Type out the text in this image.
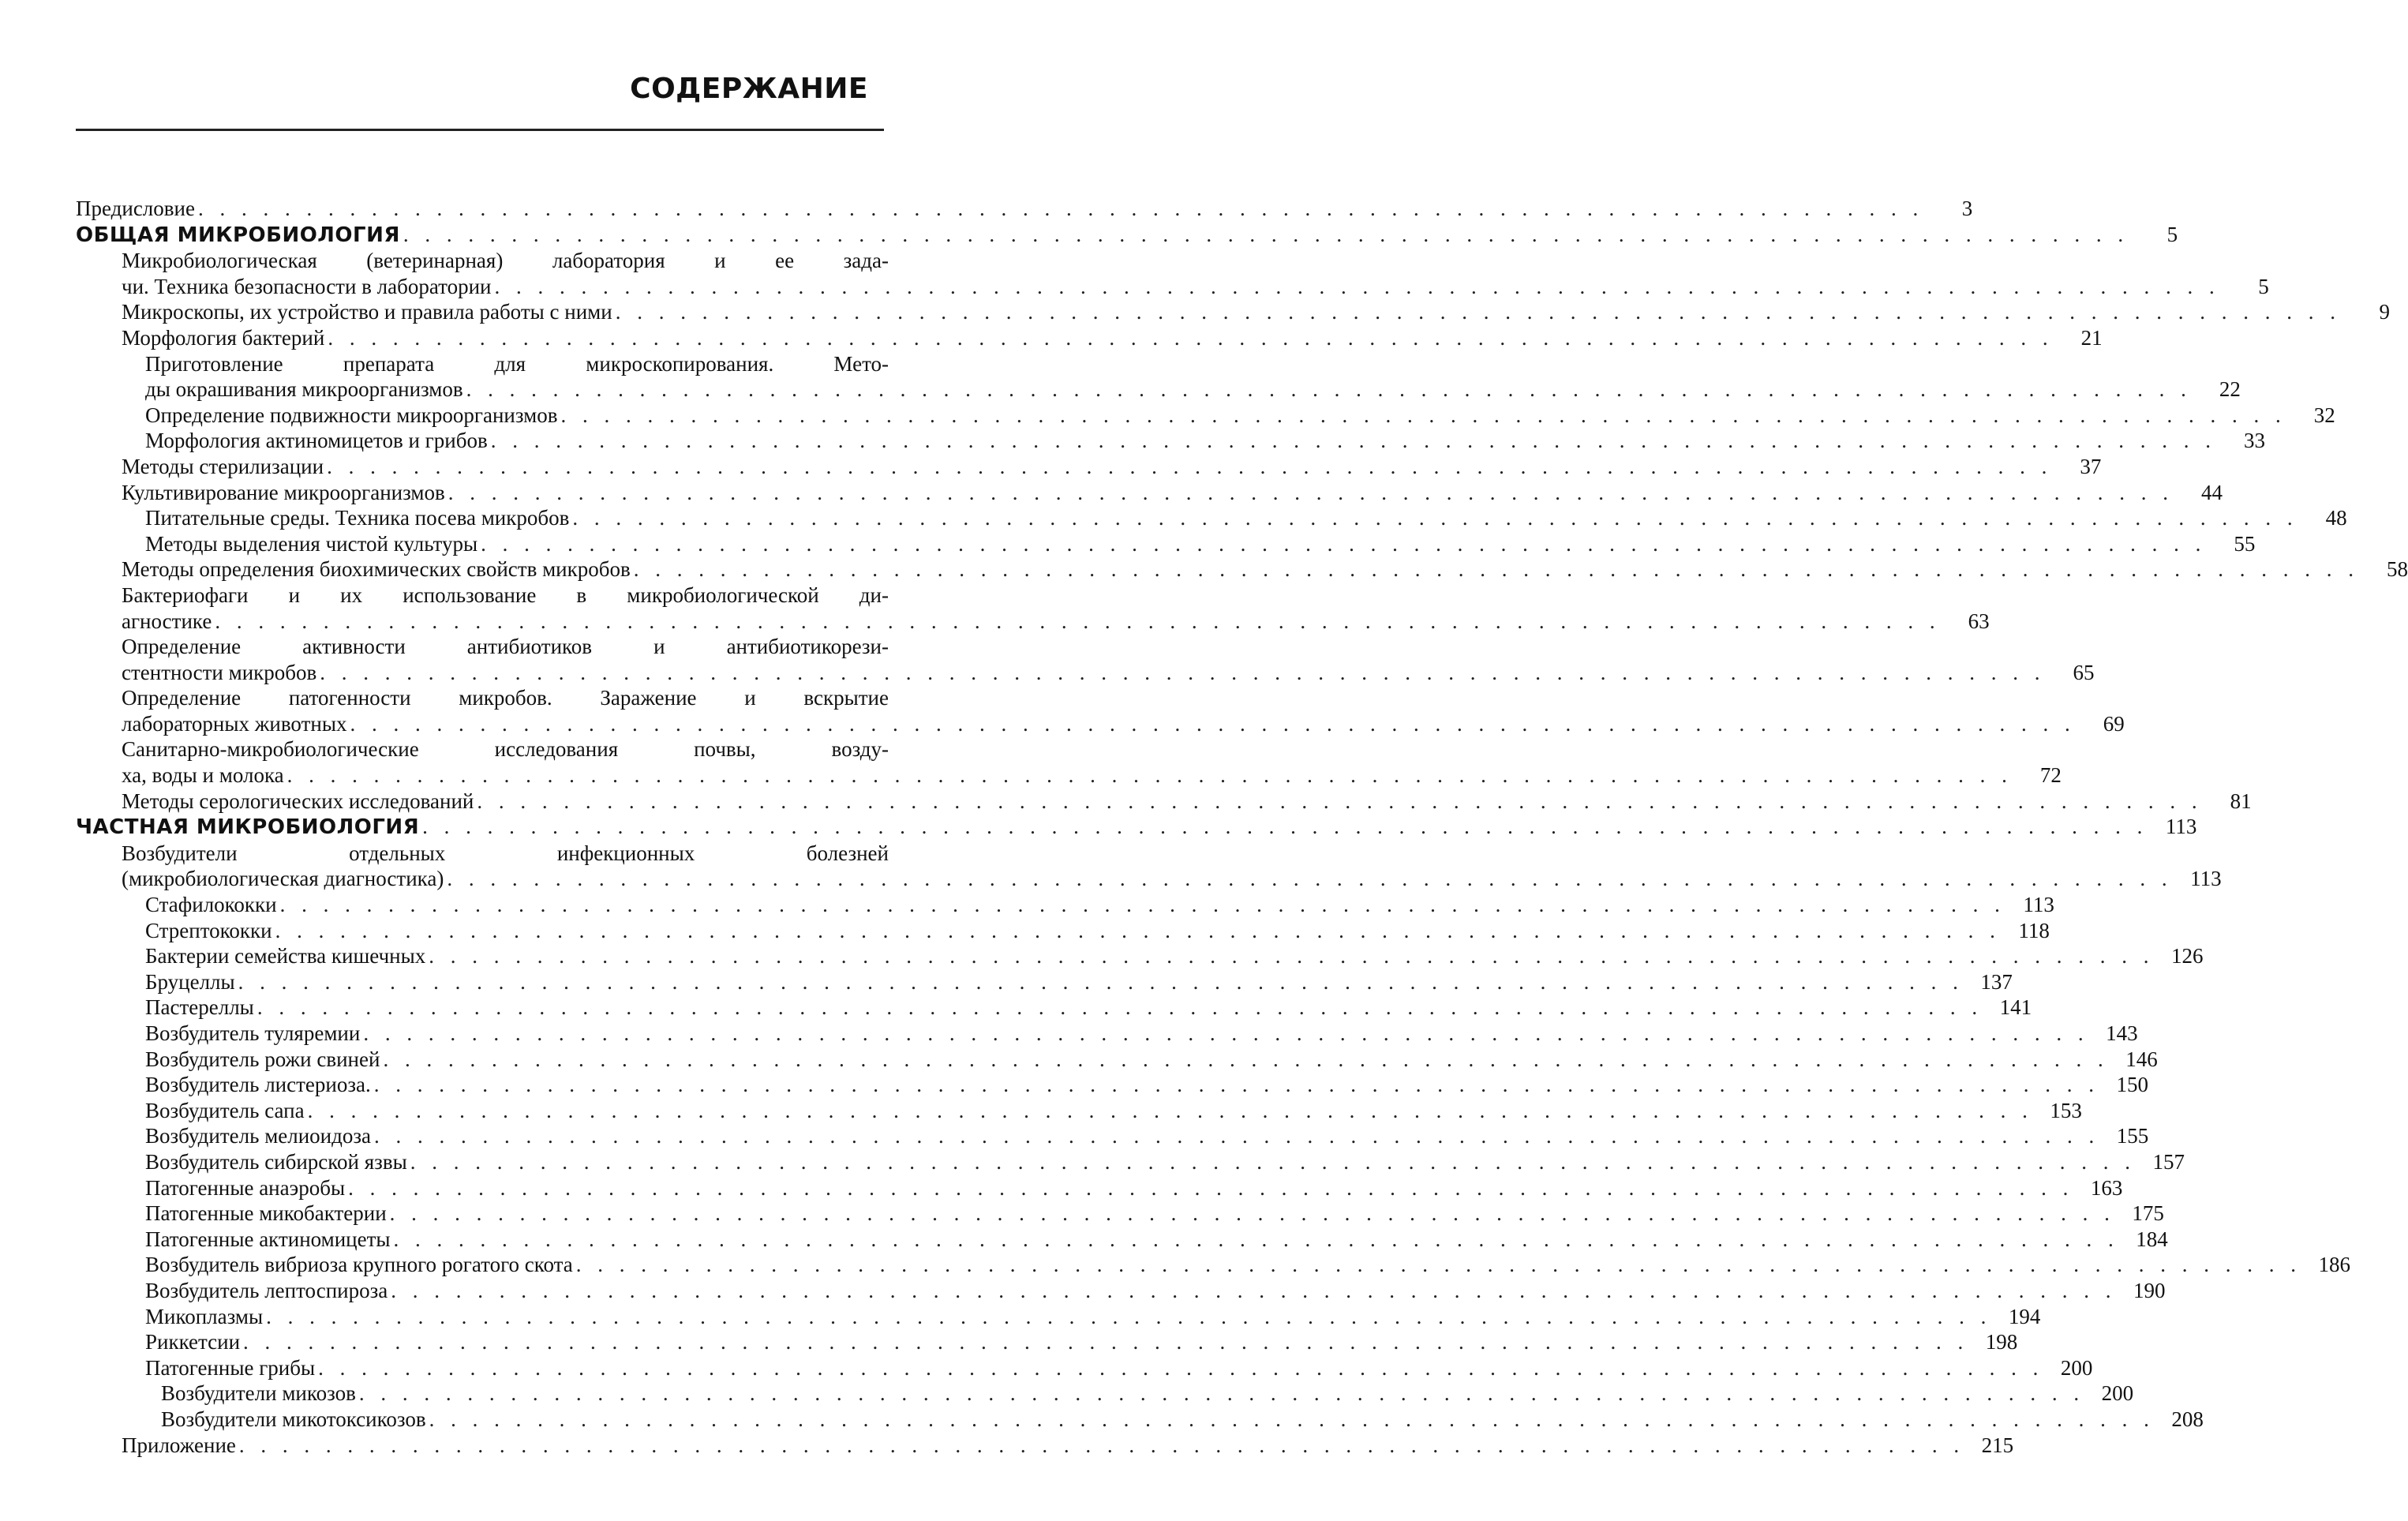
СОДЕРЖАНИЕ
Предисловие . . . . . . . . . . . . . . . . . . . . . . . . . . . . . . . . . . . . . . . . . . . . . . . . . . . . . . . . . . . . . . . . . . . . . . . . . . . . . . . .	3
ОБЩАЯ МИКРОБИОЛОГИЯ . . . . . . . . . . . . . . . . . . . . . . . . . . . . . . . . . . . . . . . . . . . . . . . . . . . . . . . . . . . . . . . . . . . . . . . . . . . . . . . .	5
Микробиологическая (ветеринарная) лаборатория и ее зада-
чи. Техника безопасности в лаборатории . . . . . . . . . . . . . . . . . . . . . . . . . . . . . . . . . . . . . . . . . . . . . . . . . . . . . . . . . . . . . . . . . . . . . . . . . . . . . . . .	5
Микроскопы, их устройство и правила работы с ними . . . . . . . . . . . . . . . . . . . . . . . . . . . . . . . . . . . . . . . . . . . . . . . . . . . . . . . . . . . . . . . . . . . . . . . . . . . . . . . .	9
Морфология бактерий . . . . . . . . . . . . . . . . . . . . . . . . . . . . . . . . . . . . . . . . . . . . . . . . . . . . . . . . . . . . . . . . . . . . . . . . . . . . . . . .	21
Приготовление препарата для микроскопирования. Мето-
ды окрашивания микроорганизмов . . . . . . . . . . . . . . . . . . . . . . . . . . . . . . . . . . . . . . . . . . . . . . . . . . . . . . . . . . . . . . . . . . . . . . . . . . . . . . . .	22
Определение подвижности микроорганизмов . . . . . . . . . . . . . . . . . . . . . . . . . . . . . . . . . . . . . . . . . . . . . . . . . . . . . . . . . . . . . . . . . . . . . . . . . . . . . . . .	32
Морфология актиномицетов и грибов . . . . . . . . . . . . . . . . . . . . . . . . . . . . . . . . . . . . . . . . . . . . . . . . . . . . . . . . . . . . . . . . . . . . . . . . . . . . . . . .	33
Методы стерилизации . . . . . . . . . . . . . . . . . . . . . . . . . . . . . . . . . . . . . . . . . . . . . . . . . . . . . . . . . . . . . . . . . . . . . . . . . . . . . . . .	37
Культивирование микроорганизмов . . . . . . . . . . . . . . . . . . . . . . . . . . . . . . . . . . . . . . . . . . . . . . . . . . . . . . . . . . . . . . . . . . . . . . . . . . . . . . . .	44
Питательные среды. Техника посева микробов . . . . . . . . . . . . . . . . . . . . . . . . . . . . . . . . . . . . . . . . . . . . . . . . . . . . . . . . . . . . . . . . . . . . . . . . . . . . . . . .	48
Методы выделения чистой культуры . . . . . . . . . . . . . . . . . . . . . . . . . . . . . . . . . . . . . . . . . . . . . . . . . . . . . . . . . . . . . . . . . . . . . . . . . . . . . . . .	55
Методы определения биохимических свойств микробов . . . . . . . . . . . . . . . . . . . . . . . . . . . . . . . . . . . . . . . . . . . . . . . . . . . . . . . . . . . . . . . . . . . . . . . . . . . . . . . .	58
Бактериофаги и их использование в микробиологической ди-
агностике . . . . . . . . . . . . . . . . . . . . . . . . . . . . . . . . . . . . . . . . . . . . . . . . . . . . . . . . . . . . . . . . . . . . . . . . . . . . . . . .	63
Определение активности антибиотиков и антибиотикорези-
стентности микробов . . . . . . . . . . . . . . . . . . . . . . . . . . . . . . . . . . . . . . . . . . . . . . . . . . . . . . . . . . . . . . . . . . . . . . . . . . . . . . . .	65
Определение патогенности микробов. Заражение и вскрытие
лабораторных животных . . . . . . . . . . . . . . . . . . . . . . . . . . . . . . . . . . . . . . . . . . . . . . . . . . . . . . . . . . . . . . . . . . . . . . . . . . . . . . . .	69
Санитарно-микробиологические исследования почвы, возду-
ха, воды и молока . . . . . . . . . . . . . . . . . . . . . . . . . . . . . . . . . . . . . . . . . . . . . . . . . . . . . . . . . . . . . . . . . . . . . . . . . . . . . . . .	72
Методы серологических исследований . . . . . . . . . . . . . . . . . . . . . . . . . . . . . . . . . . . . . . . . . . . . . . . . . . . . . . . . . . . . . . . . . . . . . . . . . . . . . . . .	81
ЧАСТНАЯ МИКРОБИОЛОГИЯ . . . . . . . . . . . . . . . . . . . . . . . . . . . . . . . . . . . . . . . . . . . . . . . . . . . . . . . . . . . . . . . . . . . . . . . . . . . . . . . . 113
Возбудители отдельных инфекционных болезней
(микробиологическая диагностика) . . . . . . . . . . . . . . . . . . . . . . . . . . . . . . . . . . . . . . . . . . . . . . . . . . . . . . . . . . . . . . . . . . . . . . . . . . . . . . . . 113
Стафилококки . . . . . . . . . . . . . . . . . . . . . . . . . . . . . . . . . . . . . . . . . . . . . . . . . . . . . . . . . . . . . . . . . . . . . . . . . . . . . . . . 113
Стрептококки . . . . . . . . . . . . . . . . . . . . . . . . . . . . . . . . . . . . . . . . . . . . . . . . . . . . . . . . . . . . . . . . . . . . . . . . . . . . . . . . 118
Бактерии семейства кишечных . . . . . . . . . . . . . . . . . . . . . . . . . . . . . . . . . . . . . . . . . . . . . . . . . . . . . . . . . . . . . . . . . . . . . . . . . . . . . . . . 126
Бруцеллы . . . . . . . . . . . . . . . . . . . . . . . . . . . . . . . . . . . . . . . . . . . . . . . . . . . . . . . . . . . . . . . . . . . . . . . . . . . . . . . . 137
Пастереллы . . . . . . . . . . . . . . . . . . . . . . . . . . . . . . . . . . . . . . . . . . . . . . . . . . . . . . . . . . . . . . . . . . . . . . . . . . . . . . . . 141
Возбудитель туляремии . . . . . . . . . . . . . . . . . . . . . . . . . . . . . . . . . . . . . . . . . . . . . . . . . . . . . . . . . . . . . . . . . . . . . . . . . . . . . . . . 143
Возбудитель рожи свиней . . . . . . . . . . . . . . . . . . . . . . . . . . . . . . . . . . . . . . . . . . . . . . . . . . . . . . . . . . . . . . . . . . . . . . . . . . . . . . . . 146
Возбудитель листериоза. . . . . . . . . . . . . . . . . . . . . . . . . . . . . . . . . . . . . . . . . . . . . . . . . . . . . . . . . . . . . . . . . . . . . . . . . . . . . . . . . 150
Возбудитель сапа . . . . . . . . . . . . . . . . . . . . . . . . . . . . . . . . . . . . . . . . . . . . . . . . . . . . . . . . . . . . . . . . . . . . . . . . . . . . . . . . 153
Возбудитель мелиоидоза . . . . . . . . . . . . . . . . . . . . . . . . . . . . . . . . . . . . . . . . . . . . . . . . . . . . . . . . . . . . . . . . . . . . . . . . . . . . . . . . 155
Возбудитель сибирской язвы . . . . . . . . . . . . . . . . . . . . . . . . . . . . . . . . . . . . . . . . . . . . . . . . . . . . . . . . . . . . . . . . . . . . . . . . . . . . . . . . 157
Патогенные анаэробы . . . . . . . . . . . . . . . . . . . . . . . . . . . . . . . . . . . . . . . . . . . . . . . . . . . . . . . . . . . . . . . . . . . . . . . . . . . . . . . . 163
Патогенные микобактерии . . . . . . . . . . . . . . . . . . . . . . . . . . . . . . . . . . . . . . . . . . . . . . . . . . . . . . . . . . . . . . . . . . . . . . . . . . . . . . . . 175
Патогенные актиномицеты . . . . . . . . . . . . . . . . . . . . . . . . . . . . . . . . . . . . . . . . . . . . . . . . . . . . . . . . . . . . . . . . . . . . . . . . . . . . . . . . 184
Возбудитель вибриоза крупного рогатого скота . . . . . . . . . . . . . . . . . . . . . . . . . . . . . . . . . . . . . . . . . . . . . . . . . . . . . . . . . . . . . . . . . . . . . . . . . . . . . . . . 186
Возбудитель лептоспироза . . . . . . . . . . . . . . . . . . . . . . . . . . . . . . . . . . . . . . . . . . . . . . . . . . . . . . . . . . . . . . . . . . . . . . . . . . . . . . . . 190
Микоплазмы . . . . . . . . . . . . . . . . . . . . . . . . . . . . . . . . . . . . . . . . . . . . . . . . . . . . . . . . . . . . . . . . . . . . . . . . . . . . . . . . 194
Риккетсии . . . . . . . . . . . . . . . . . . . . . . . . . . . . . . . . . . . . . . . . . . . . . . . . . . . . . . . . . . . . . . . . . . . . . . . . . . . . . . . . 198
Патогенные грибы . . . . . . . . . . . . . . . . . . . . . . . . . . . . . . . . . . . . . . . . . . . . . . . . . . . . . . . . . . . . . . . . . . . . . . . . . . . . . . . . 200
Возбудители микозов . . . . . . . . . . . . . . . . . . . . . . . . . . . . . . . . . . . . . . . . . . . . . . . . . . . . . . . . . . . . . . . . . . . . . . . . . . . . . . . . 200
Возбудители микотоксикозов . . . . . . . . . . . . . . . . . . . . . . . . . . . . . . . . . . . . . . . . . . . . . . . . . . . . . . . . . . . . . . . . . . . . . . . . . . . . . . . . 208
Приложение . . . . . . . . . . . . . . . . . . . . . . . . . . . . . . . . . . . . . . . . . . . . . . . . . . . . . . . . . . . . . . . . . . . . . . . . . . . . . . . . 215
